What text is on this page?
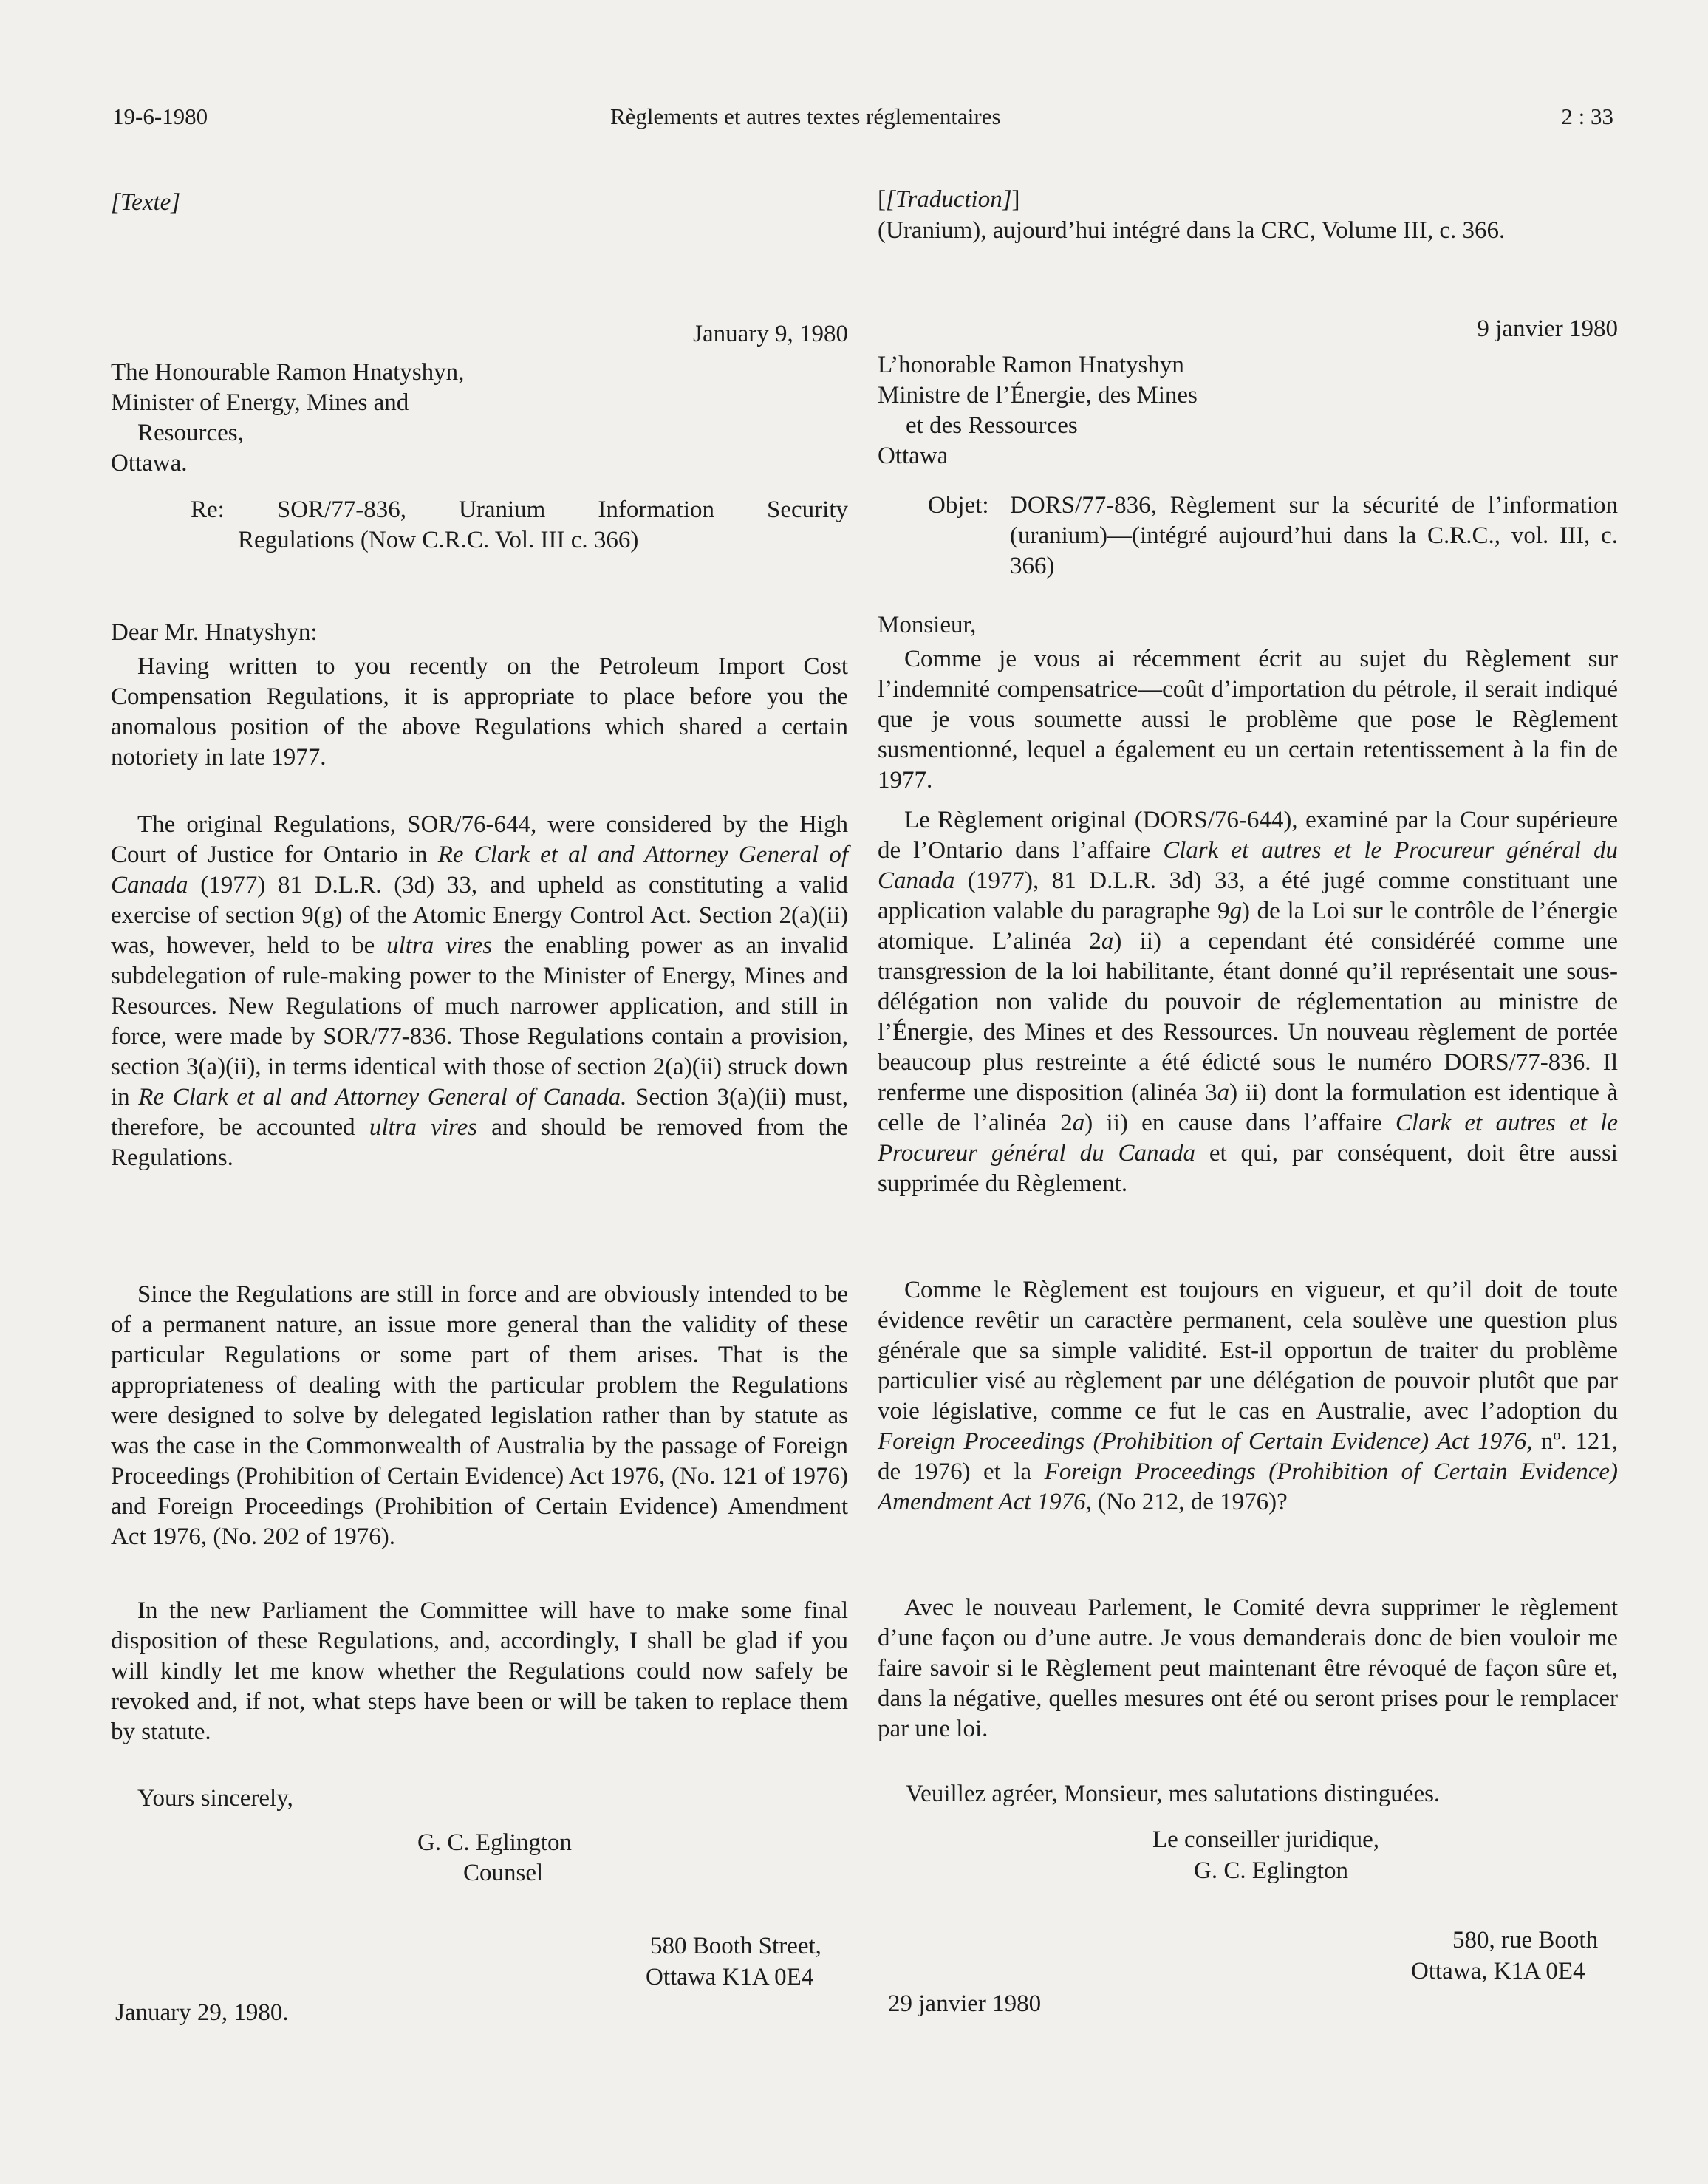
19-6-1980	Règlements et autres textes réglementaires	2 : 33

[Texte]

January 9, 1980

The Honourable Ramon Hnatyshyn,

Minister of Energy, Mines and

Resources,

Ottawa.

Re: SOR/77-836, Uranium Information Security

Regulations (Now C.R.C. Vol. III c. 366)

Dear Mr. Hnatyshyn:

Having written to you recently on the Petroleum Import Cost Compensation Regulations, it is appropriate to place before you the anomalous position of the above Regulations which shared a certain notoriety in late 1977.

The original Regulations, SOR/76-644, were considered by the High Court of Justice for Ontario in Re Clark et al and Attorney General of Canada (1977) 81 D.L.R. (3d) 33, and upheld as constituting a valid exercise of section 9(g) of the Atomic Energy Control Act. Section 2(a)(ii) was, however, held to be ultra vires the enabling power as an invalid subdelegation of rule-making power to the Minister of Energy, Mines and Resources. New Regulations of much narrower application, and still in force, were made by SOR/77-836. Those Regulations contain a provision, section 3(a)(ii), in terms identical with those of section 2(a)(ii) struck down in Re Clark et al and Attorney General of Canada. Section 3(a)(ii) must, therefore, be accounted ultra vires and should be removed from the Regulations.

Since the Regulations are still in force and are obviously intended to be of a permanent nature, an issue more general than the validity of these particular Regulations or some part of them arises. That is the appropriateness of dealing with the particular problem the Regulations were designed to solve by delegated legislation rather than by statute as was the case in the Commonwealth of Australia by the passage of Foreign Proceedings (Prohibition of Certain Evidence) Act 1976, (No. 121 of 1976) and Foreign Proceedings (Prohibition of Certain Evidence) Amendment Act 1976, (No. 202 of 1976).

In the new Parliament the Committee will have to make some final disposition of these Regulations, and, accordingly, I shall be glad if you will kindly let me know whether the Regulations could now safely be revoked and, if not, what steps have been or will be taken to replace them by statute.

Yours sincerely,

G. C. Eglington

Counsel

580 Booth Street,

Ottawa K1A 0E4

January 29, 1980.

[[Traduction]]

(Uranium), aujourd’hui intégré dans la CRC, Volume III, c. 366.

9 janvier 1980

L’honorable Ramon Hnatyshyn

Ministre de l’Énergie, des Mines

et des Ressources

Ottawa

Objet: DORS/77-836, Règlement sur la sécurité de l’information (uranium)—(intégré aujourd’hui dans la C.R.C., vol. III, c. 366)

Monsieur,

Comme je vous ai récemment écrit au sujet du Règlement sur l’indemnité compensatrice—coût d’importation du pétrole, il serait indiqué que je vous soumette aussi le problème que pose le Règlement susmentionné, lequel a également eu un certain retentissement à la fin de 1977.

Le Règlement original (DORS/76-644), examiné par la Cour supérieure de l’Ontario dans l’affaire Clark et autres et le Procureur général du Canada (1977), 81 D.L.R. 3d) 33, a été jugé comme constituant une application valable du paragraphe 9g) de la Loi sur le contrôle de l’énergie atomique. L’alinéa 2a) ii) a cependant été considéréé comme une transgression de la loi habilitante, étant donné qu’il représentait une sous-délégation non valide du pouvoir de réglementation au ministre de l’Énergie, des Mines et des Ressources. Un nouveau règlement de portée beaucoup plus restreinte a été édicté sous le numéro DORS/77-836. Il renferme une disposition (alinéa 3a) ii) dont la formulation est identique à celle de l’alinéa 2a) ii) en cause dans l’affaire Clark et autres et le Procureur général du Canada et qui, par conséquent, doit être aussi supprimée du Règlement.

Comme le Règlement est toujours en vigueur, et qu’il doit de toute évidence revêtir un caractère permanent, cela soulève une question plus générale que sa simple validité. Est-il opportun de traiter du problème particulier visé au règlement par une délégation de pouvoir plutôt que par voie législative, comme ce fut le cas en Australie, avec l’adoption du Foreign Proceedings (Prohibition of Certain Evidence) Act 1976, nº. 121, de 1976) et la Foreign Proceedings (Prohibition of Certain Evidence) Amendment Act 1976, (No 212, de 1976)?

Avec le nouveau Parlement, le Comité devra supprimer le règlement d’une façon ou d’une autre. Je vous demanderais donc de bien vouloir me faire savoir si le Règlement peut maintenant être révoqué de façon sûre et, dans la négative, quelles mesures ont été ou seront prises pour le remplacer par une loi.

Veuillez agréer, Monsieur, mes salutations distinguées.

Le conseiller juridique,

G. C. Eglington

580, rue Booth

Ottawa, K1A 0E4

29 janvier 1980
